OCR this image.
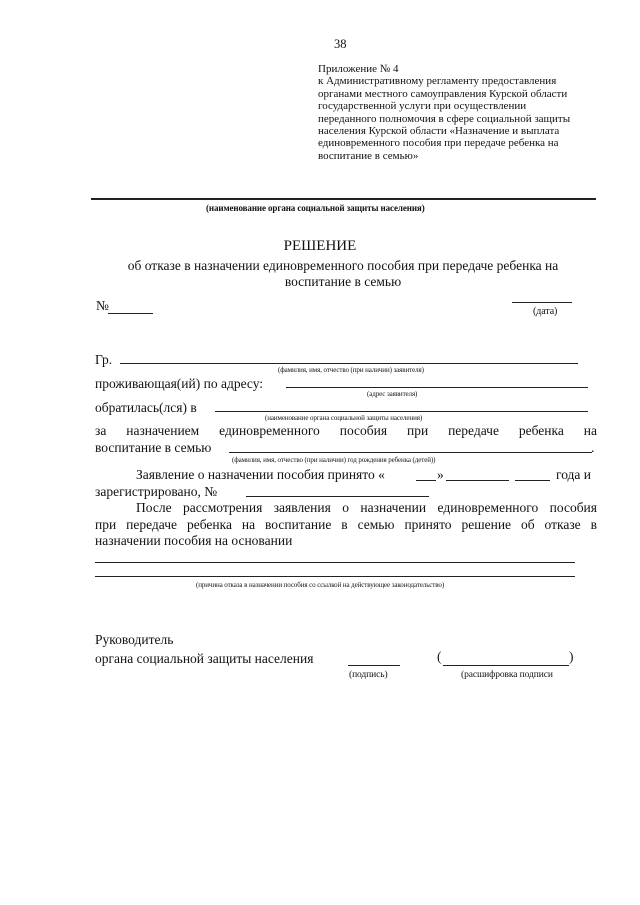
38
Приложение № 4
к Административному регламенту предоставления
органами местного самоуправления Курской области
государственной услуги при осуществлении
переданного полномочия в сфере социальной защиты
населения Курской области «Назначение и выплата
единовременного пособия при передаче ребенка на
воспитание в семью»
(наименование органа социальной защиты населения)
РЕШЕНИЕ
об отказе в назначении единовременного пособия при передаче ребенка на
воспитание в семью
№	(дата)
Гр.
(фамилия, имя, отчество (при наличии) заявителя)
проживающая(ий) по адресу:
(адрес заявителя)
обратилась(лся) в
(наименование органа социальной защиты населения)
за назначением единовременного пособия при передаче ребенка на
воспитание в семью	.
(фамилия, имя, отчество (при наличии) год рождения ребенка (детей))
Заявление о назначении пособия принято «	»	года и
зарегистрировано, №
После рассмотрения заявления о назначении единовременного пособия
при передаче ребенка на воспитание в семью принято решение об отказе в
назначении пособия на основании
(причина отказа в назначении пособия со ссылкой на действующее законодательство)
Руководитель
органа социальной защиты населения
(подпись)
(	)
(расшифровка подписи
